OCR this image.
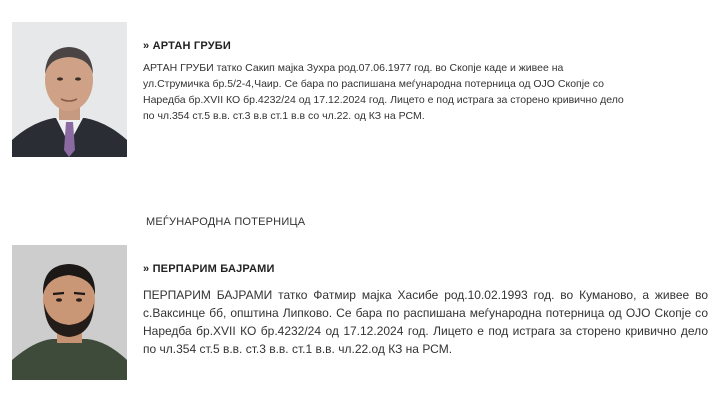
» АРТАН ГРУБИ
АРТАН ГРУБИ татко Сакип мајка Зухра род.07.06.1977 год. во Скопје каде и живее на
ул.Струмичка бр.5/2-4,Чаир. Се бара по распишана меѓународна потерница од ОЈО Скопје со
Наредба бр.XVII КО бр.4232/24 од 17.12.2024 год. Лицето е под истрага за сторено кривично дело
по чл.354 ст.5 в.в. ст.3 в.в ст.1 в.в со чл.22. од КЗ на РСМ.
МЕЃУНАРОДНА ПОТЕРНИЦА
» ПЕРПАРИМ БАЈРАМИ
ПЕРПАРИМ БАЈРАМИ татко Фатмир мајка Хасибе род.10.02.1993 год. во Куманово, а живее во с.Ваксинце бб, општина Липково. Се бара по распишана меѓународна потерница од ОЈО Скопје со Наредба бр.XVII КО бр.4232/24 од 17.12.2024 год. Лицето е под истрага за сторено кривично дело по чл.354 ст.5 в.в. ст.3 в.в. ст.1 в.в. чл.22.од КЗ на РСМ.
